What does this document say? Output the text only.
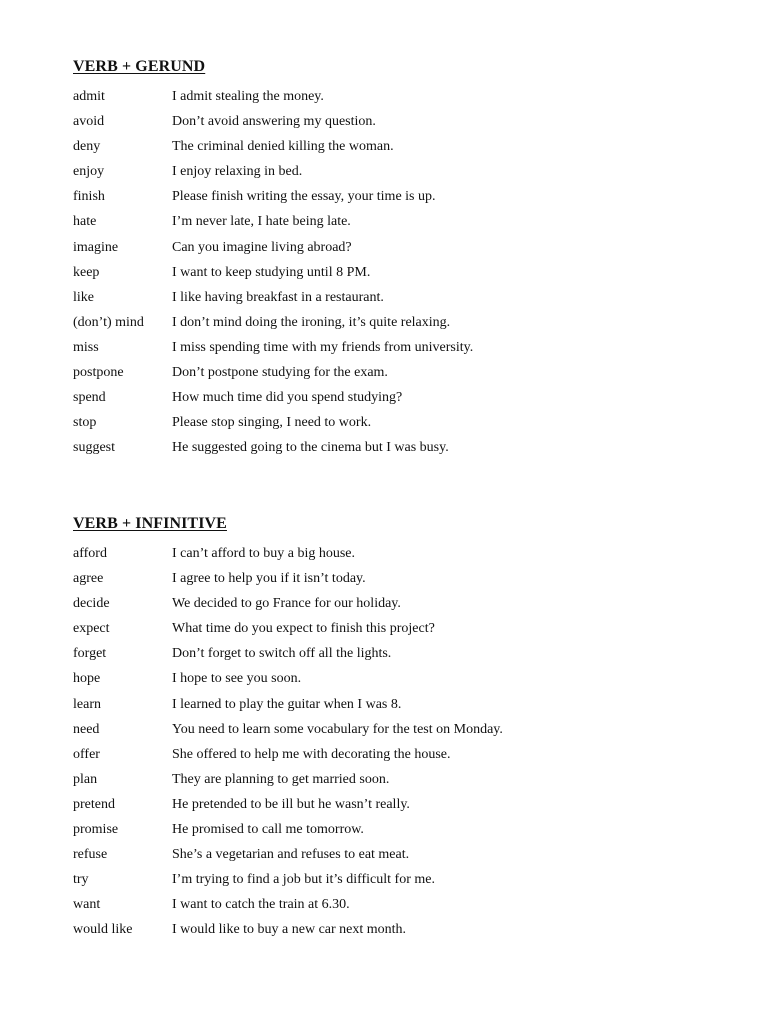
VERB + GERUND
admit	I admit stealing the money.
avoid	Don’t avoid answering my question.
deny	The criminal denied killing the woman.
enjoy	I enjoy relaxing in bed.
finish	Please finish writing the essay, your time is up.
hate	I’m never late, I hate being late.
imagine	Can you imagine living abroad?
keep	I want to keep studying until 8 PM.
like	I like having breakfast in a restaurant.
(don’t) mind	I don’t mind doing the ironing, it’s quite relaxing.
miss	I miss spending time with my friends from university.
postpone	Don’t postpone studying for the exam.
spend	How much time did you spend studying?
stop	Please stop singing, I need to work.
suggest	He suggested going to the cinema but I was busy.
VERB + INFINITIVE
afford	I can’t afford to buy a big house.
agree	I agree to help you if it isn’t today.
decide	We decided to go France for our holiday.
expect	What time do you expect to finish this project?
forget	Don’t forget to switch off all the lights.
hope	I hope to see you soon.
learn	I learned to play the guitar when I was 8.
need	You need to learn some vocabulary for the test on Monday.
offer	She offered to help me with decorating the house.
plan	They are planning to get married soon.
pretend	He pretended to be ill but he wasn’t really.
promise	He promised to call me tomorrow.
refuse	She’s a vegetarian and refuses to eat meat.
try	I’m trying to find a job but it’s difficult for me.
want	I want to catch the train at 6.30.
would like	I would like to buy a new car next month.
